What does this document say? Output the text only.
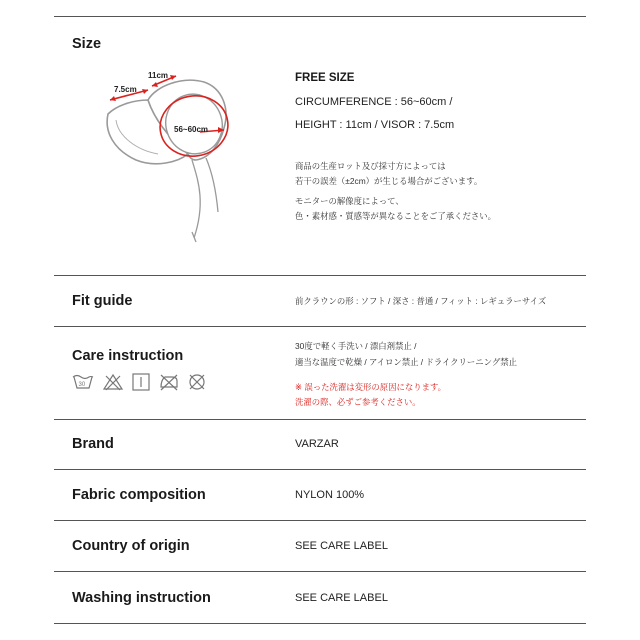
Size
11cm
7.5cm
56~60cm
FREE SIZE
CIRCUMFERENCE : 56~60cm /
HEIGHT : 11cm / VISOR : 7.5cm
商品の生産ロット及び採寸方によっては
若干の誤差（±2cm）が生じる場合がございます。
モニターの解像度によって、
色・素材感・質感等が異なることをご了承ください。
Fit guide	前クラウンの形 : ソフト / 深さ : 普通 / フィット : レギュラーサイズ
Care instruction
30
30度で軽く手洗い / 漂白剤禁止 /
適当な温度で乾燥 / アイロン禁止 / ドライクリーニング禁止
※ 誤った洗濯は変形の原因になります。
洗濯の際、必ずご参考ください。
Brand	VARZAR
Fabric composition	NYLON 100%
Country of origin	SEE CARE LABEL
Washing instruction	SEE CARE LABEL
